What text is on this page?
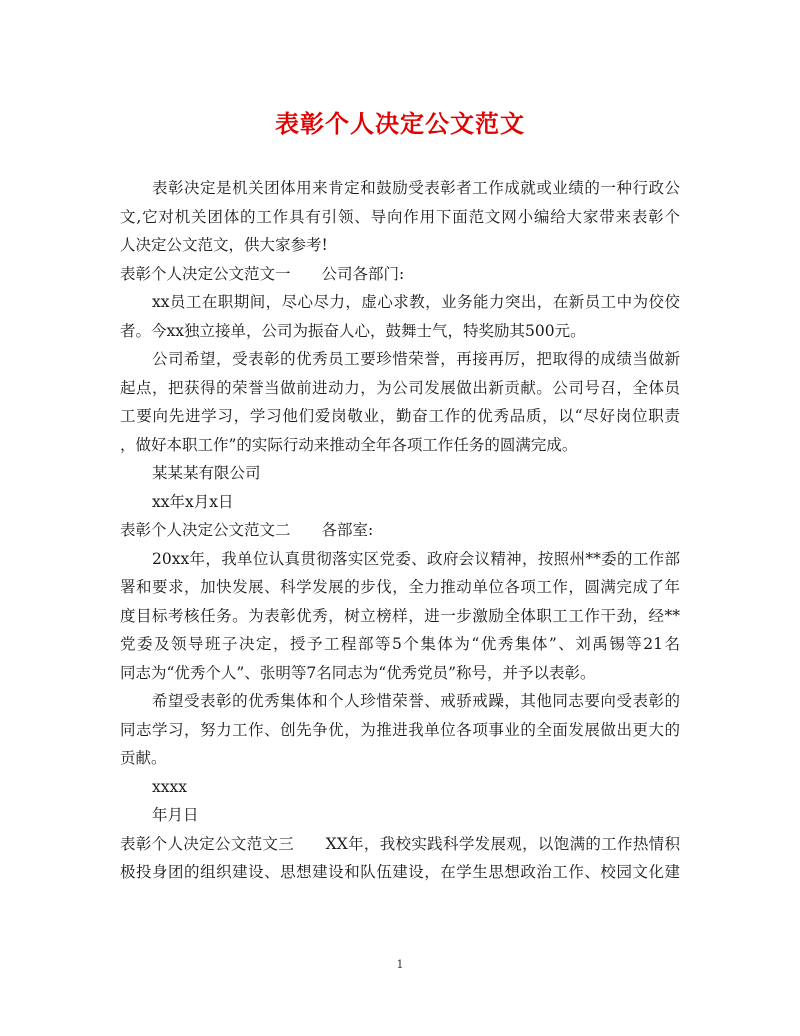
表彰个人决定公文范文
表彰决定是机关团体用来肯定和鼓励受表彰者工作成就或业绩的一种行政公
文,它对机关团体的工作具有引领、导向作用下面范文网小编给大家带来表彰个
人决定公文范文，供大家参考!
表彰个人决定公文范文一　　公司各部门:
xx员工在职期间，尽心尽力，虚心求教，业务能力突出，在新员工中为佼佼
者。今xx独立接单，公司为振奋人心，鼓舞士气，特奖励其500元。
公司希望，受表彰的优秀员工要珍惜荣誉，再接再厉，把取得的成绩当做新
起点，把获得的荣誉当做前进动力，为公司发展做出新贡献。公司号召，全体员
工要向先进学习，学习他们爱岗敬业，勤奋工作的优秀品质，以“尽好岗位职责
，做好本职工作”的实际行动来推动全年各项工作任务的圆满完成。
某某某有限公司
xx年x月x日
表彰个人决定公文范文二　　各部室:
20xx年，我单位认真贯彻落实区党委、政府会议精神，按照州**委的工作部
署和要求，加快发展、科学发展的步伐，全力推动单位各项工作，圆满完成了年
度目标考核任务。为表彰优秀，树立榜样，进一步激励全体职工工作干劲，经**
党委及领导班子决定，授予工程部等5个集体为“优秀集体”、刘禹锡等21名
同志为“优秀个人”、张明等7名同志为“优秀党员”称号，并予以表彰。
希望受表彰的优秀集体和个人珍惜荣誉、戒骄戒躁，其他同志要向受表彰的
同志学习，努力工作、创先争优，为推进我单位各项事业的全面发展做出更大的
贡献。
xxxx
年月日
表彰个人决定公文范文三　　XX年，我校实践科学发展观，以饱满的工作热情积
极投身团的组织建设、思想建设和队伍建设，在学生思想政治工作、校园文化建
1
